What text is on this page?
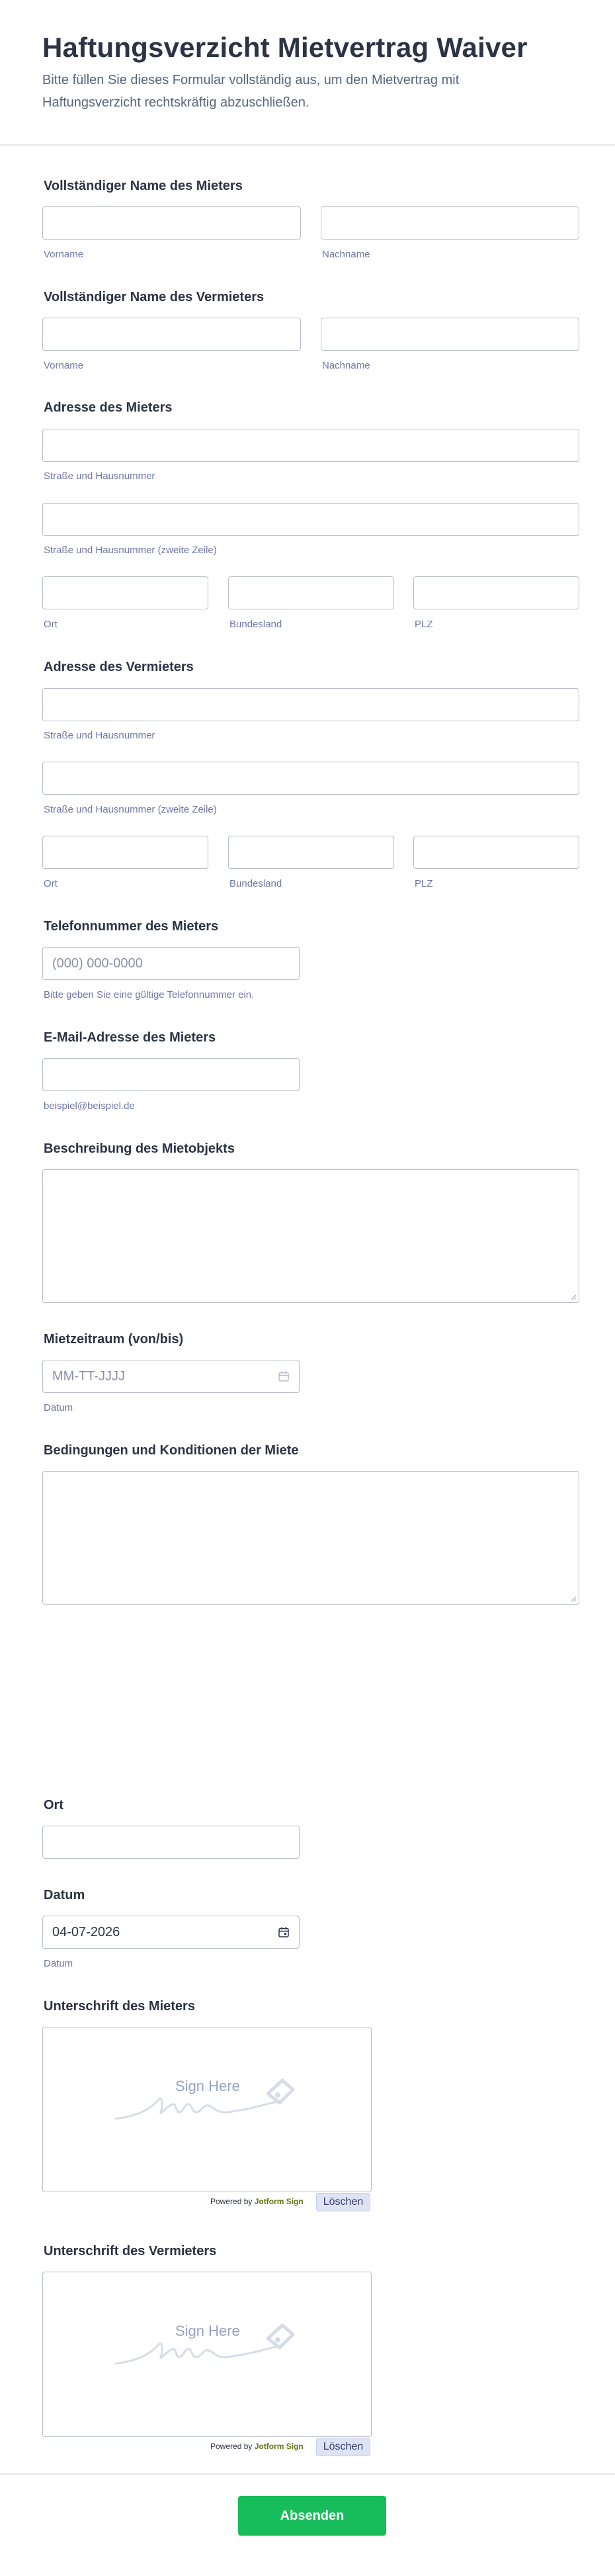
Haftungsverzicht Mietvertrag Waiver

Bitte füllen Sie dieses Formular vollständig aus, um den Mietvertrag mit Haftungsverzicht rechtskräftig abzuschließen.

Vollständiger Name des Mieters
Vorname	Nachname
Vollständiger Name des Vermieters
Vorname	Nachname
Adresse des Mieters
Straße und Hausnummer
Straße und Hausnummer (zweite Zeile)
Ort	Bundesland	PLZ
Adresse des Vermieters
Straße und Hausnummer
Straße und Hausnummer (zweite Zeile)
Ort	Bundesland	PLZ
Telefonnummer des Mieters
(000) 000-0000
Bitte geben Sie eine gültige Telefonnummer ein.
E-Mail-Adresse des Mieters
beispiel@beispiel.de
Beschreibung des Mietobjekts
Mietzeitraum (von/bis)
MM-TT-JJJJ
Datum
Bedingungen und Konditionen der Miete
Ort
Datum
04-07-2026
Datum
Unterschrift des Mieters
Sign Here
Powered by Jotform Sign	Löschen
Unterschrift des Vermieters
Sign Here
Powered by Jotform Sign	Löschen
Absenden
